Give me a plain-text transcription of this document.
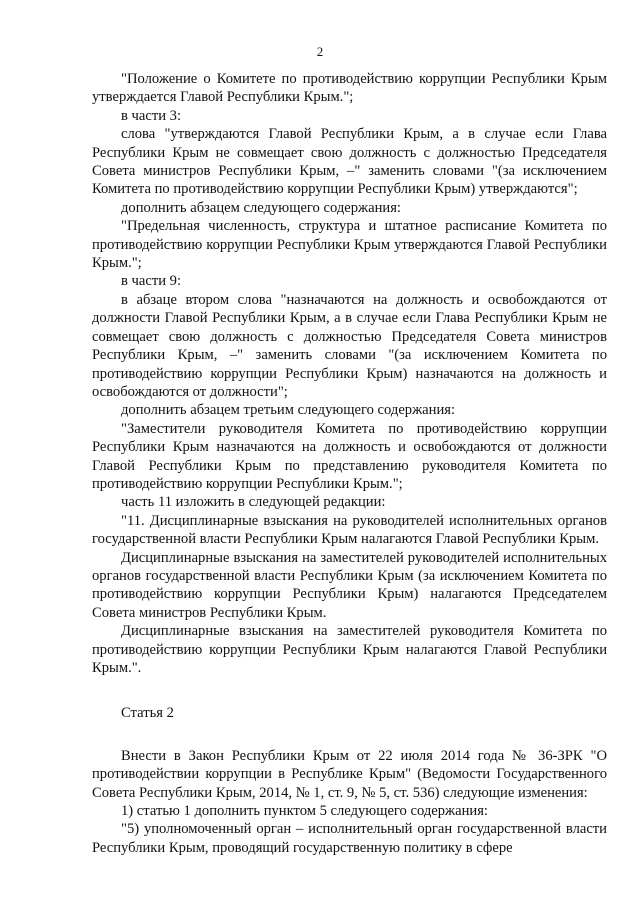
2

"Положение о Комитете по противодействию коррупции Республики Крым утверждается Главой Республики Крым.";

в части 3:

слова "утверждаются Главой Республики Крым, а в случае если Глава Республики Крым не совмещает свою должность с должностью Председателя Совета министров Республики Крым, –" заменить словами "(за исключением Комитета по противодействию коррупции Республики Крым) утверждаются";

дополнить абзацем следующего содержания:

"Предельная численность, структура и штатное расписание Комитета по противодействию коррупции Республики Крым утверждаются Главой Республики Крым.";

в части 9:

в абзаце втором слова "назначаются на должность и освобождаются от должности Главой Республики Крым, а в случае если Глава Республики Крым не совмещает свою должность с должностью Председателя Совета министров Республики Крым, –" заменить словами "(за исключением Комитета по противодействию коррупции Республики Крым) назначаются на должность и освобождаются от должности";

дополнить абзацем третьим следующего содержания:

"Заместители руководителя Комитета по противодействию коррупции Республики Крым назначаются на должность и освобождаются от должности Главой Республики Крым по представлению руководителя Комитета по противодействию коррупции Республики Крым.";

часть 11 изложить в следующей редакции:

"11. Дисциплинарные взыскания на руководителей исполнительных органов государственной власти Республики Крым налагаются Главой Республики Крым.

Дисциплинарные взыскания на заместителей руководителей исполнительных органов государственной власти Республики Крым (за исключением Комитета по противодействию коррупции Республики Крым) налагаются Председателем Совета министров Республики Крым.

Дисциплинарные взыскания на заместителей руководителя Комитета по противодействию коррупции Республики Крым налагаются Главой Республики Крым.".

Статья 2

Внести в Закон Республики Крым от 22 июля 2014 года № 36-ЗРК "О противодействии коррупции в Республике Крым" (Ведомости Государственного Совета Республики Крым, 2014, № 1, ст. 9, № 5, ст. 536) следующие изменения:

1) статью 1 дополнить пунктом 5 следующего содержания:

"5) уполномоченный орган – исполнительный орган государственной власти Республики Крым, проводящий государственную политику в сфере
